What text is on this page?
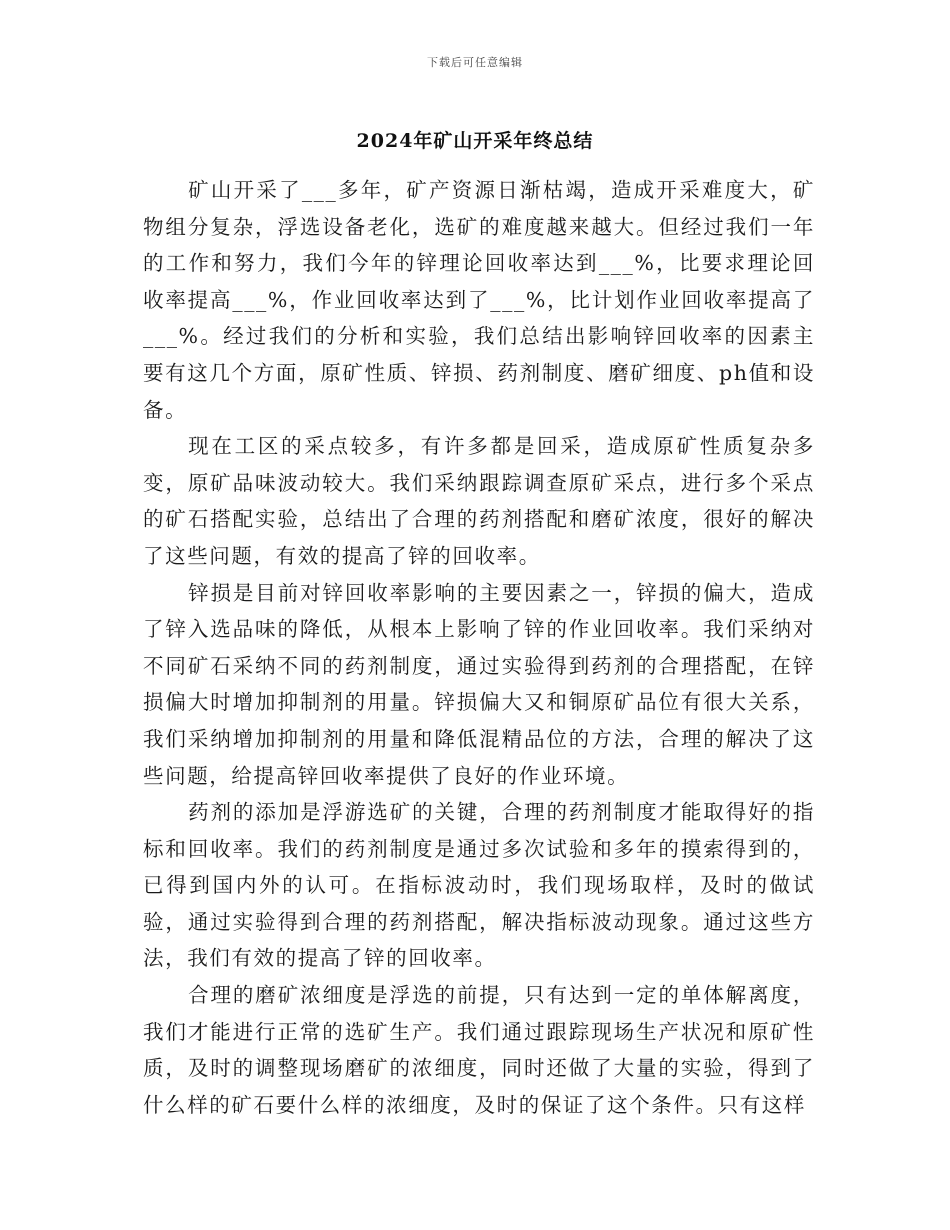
下载后可任意编辑
2024年矿山开采年终总结

矿山开采了___多年，矿产资源日渐枯竭，造成开采难度大，矿物组分复杂，浮选设备老化，选矿的难度越来越大。但经过我们一年的工作和努力，我们今年的锌理论回收率达到___%，比要求理论回收率提高___%，作业回收率达到了___%，比计划作业回收率提高了___%。经过我们的分析和实验，我们总结出影响锌回收率的因素主要有这几个方面，原矿性质、锌损、药剂制度、磨矿细度、ph值和设备。

现在工区的采点较多，有许多都是回采，造成原矿性质复杂多变，原矿品味波动较大。我们采纳跟踪调查原矿采点，进行多个采点的矿石搭配实验，总结出了合理的药剂搭配和磨矿浓度，很好的解决了这些问题，有效的提高了锌的回收率。

锌损是目前对锌回收率影响的主要因素之一，锌损的偏大，造成了锌入选品味的降低，从根本上影响了锌的作业回收率。我们采纳对不同矿石采纳不同的药剂制度，通过实验得到药剂的合理搭配，在锌损偏大时增加抑制剂的用量。锌损偏大又和铜原矿品位有很大关系，我们采纳增加抑制剂的用量和降低混精品位的方法，合理的解决了这些问题，给提高锌回收率提供了良好的作业环境。

药剂的添加是浮游选矿的关键，合理的药剂制度才能取得好的指标和回收率。我们的药剂制度是通过多次试验和多年的摸索得到的，已得到国内外的认可。在指标波动时，我们现场取样，及时的做试验，通过实验得到合理的药剂搭配，解决指标波动现象。通过这些方法，我们有效的提高了锌的回收率。

合理的磨矿浓细度是浮选的前提，只有达到一定的单体解离度，我们才能进行正常的选矿生产。我们通过跟踪现场生产状况和原矿性质，及时的调整现场磨矿的浓细度，同时还做了大量的实验，得到了什么样的矿石要什么样的浓细度，及时的保证了这个条件。只有这样
